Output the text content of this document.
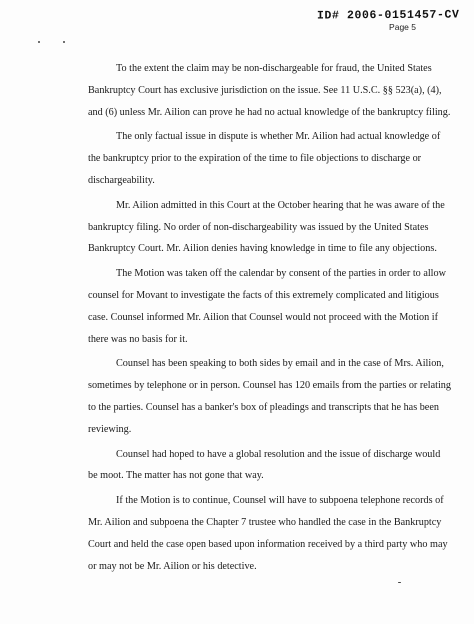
ID# 2006-0151457-CV
Page 5

To the extent the claim may be non-dischargeable for fraud, the United States
Bankruptcy Court has exclusive jurisdiction on the issue. See 11 U.S.C. §§ 523(a), (4),
and (6) unless Mr. Ailion can prove he had no actual knowledge of the bankruptcy filing.

The only factual issue in dispute is whether Mr. Ailion had actual knowledge of
the bankruptcy prior to the expiration of the time to file objections to discharge or
dischargeability.

Mr. Ailion admitted in this Court at the October hearing that he was aware of the
bankruptcy filing. No order of non-dischargeability was issued by the United States
Bankruptcy Court. Mr. Ailion denies having knowledge in time to file any objections.

The Motion was taken off the calendar by consent of the parties in order to allow
counsel for Movant to investigate the facts of this extremely complicated and litigious
case. Counsel informed Mr. Ailion that Counsel would not proceed with the Motion if
there was no basis for it.

Counsel has been speaking to both sides by email and in the case of Mrs. Ailion,
sometimes by telephone or in person. Counsel has 120 emails from the parties or relating
to the parties. Counsel has a banker's box of pleadings and transcripts that he has been
reviewing.

Counsel had hoped to have a global resolution and the issue of discharge would
be moot. The matter has not gone that way.

If the Motion is to continue, Counsel will have to subpoena telephone records of
Mr. Ailion and subpoena the Chapter 7 trustee who handled the case in the Bankruptcy
Court and held the case open based upon information received by a third party who may
or may not be Mr. Ailion or his detective.
